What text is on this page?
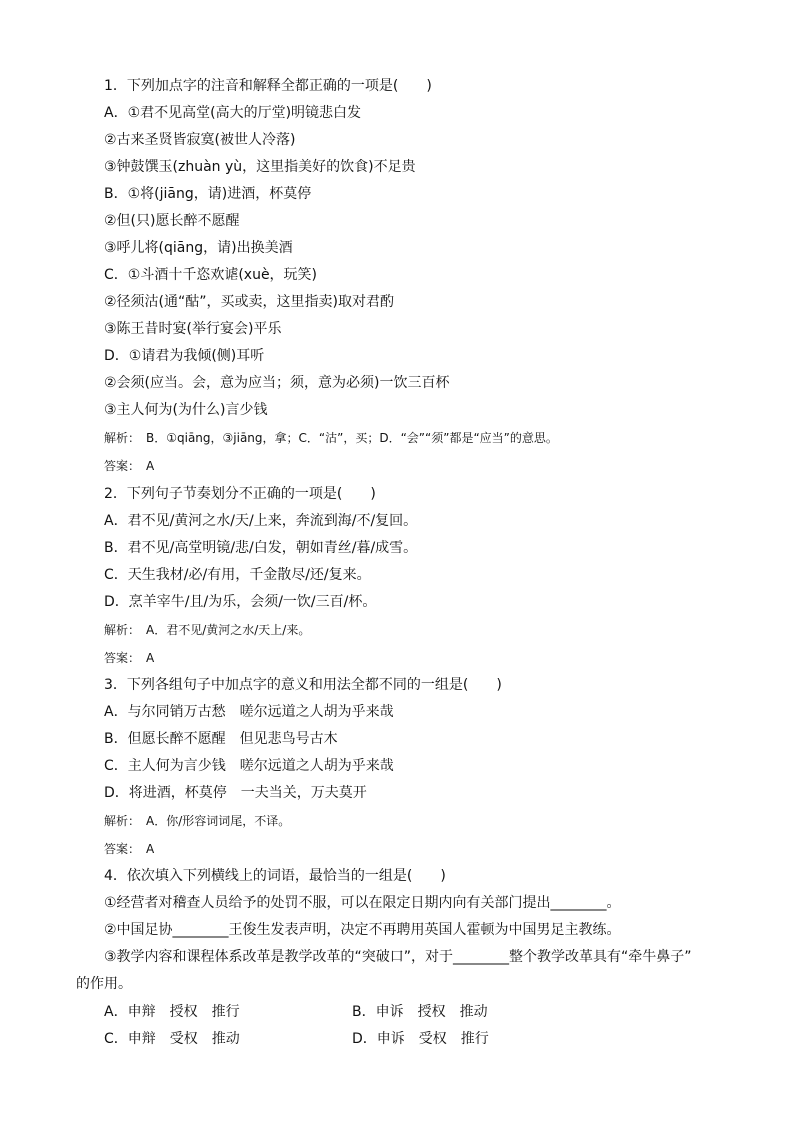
1．下列加点字的注音和解释全都正确的一项是(　　)
A．①君不见高堂(高大的厅堂)明镜悲白发
②古来圣贤皆寂寞(被世人冷落)
③钟鼓馔玉(zhuàn yù，这里指美好的饮食)不足贵
B．①将(jiāng，请)进酒，杯莫停
②但(只)愿长醉不愿醒
③呼儿将(qiāng，请)出换美酒
C．①斗酒十千恣欢谑(xuè，玩笑)
②径须沽(通“酤”，买或卖，这里指卖)取对君酌
③陈王昔时宴(举行宴会)平乐
D．①请君为我倾(侧)耳听
②会须(应当。会，意为应当；须，意为必须)一饮三百杯
③主人何为(为什么)言少钱
解析：　B．①qiāng，③jiāng，拿；C．“沽”，买；D．“会”“须”都是“应当”的意思。
答案：　A
2．下列句子节奏划分不正确的一项是(　　)
A．君不见/黄河之水/天/上来，奔流到海/不/复回。
B．君不见/高堂明镜/悲/白发，朝如青丝/暮/成雪。
C．天生我材/必/有用，千金散尽/还/复来。
D．烹羊宰牛/且/为乐，会须/一饮/三百/杯。
解析：　A．君不见/黄河之水/天上/来。
答案：　A
3．下列各组句子中加点字的意义和用法全都不同的一组是(　　)
A．与尔同销万古愁　嗟尔远道之人胡为乎来哉
B．但愿长醉不愿醒　但见悲鸟号古木
C．主人何为言少钱　嗟尔远道之人胡为乎来哉
D．将进酒，杯莫停　一夫当关，万夫莫开
解析：　A．你/形容词词尾，不译。
答案：　A
4．依次填入下列横线上的词语，最恰当的一组是(　　)
①经营者对稽查人员给予的处罚不服，可以在限定日期内向有关部门提出________。
②中国足协________王俊生发表声明，决定不再聘用英国人霍顿为中国男足主教练。
③教学内容和课程体系改革是教学改革的“突破口”，对于________整个教学改革具有“牵牛鼻子”
的作用。
A．申辩　授权　推行	B．申诉　授权　推动
C．申辩　受权　推动	D．申诉　受权　推行
